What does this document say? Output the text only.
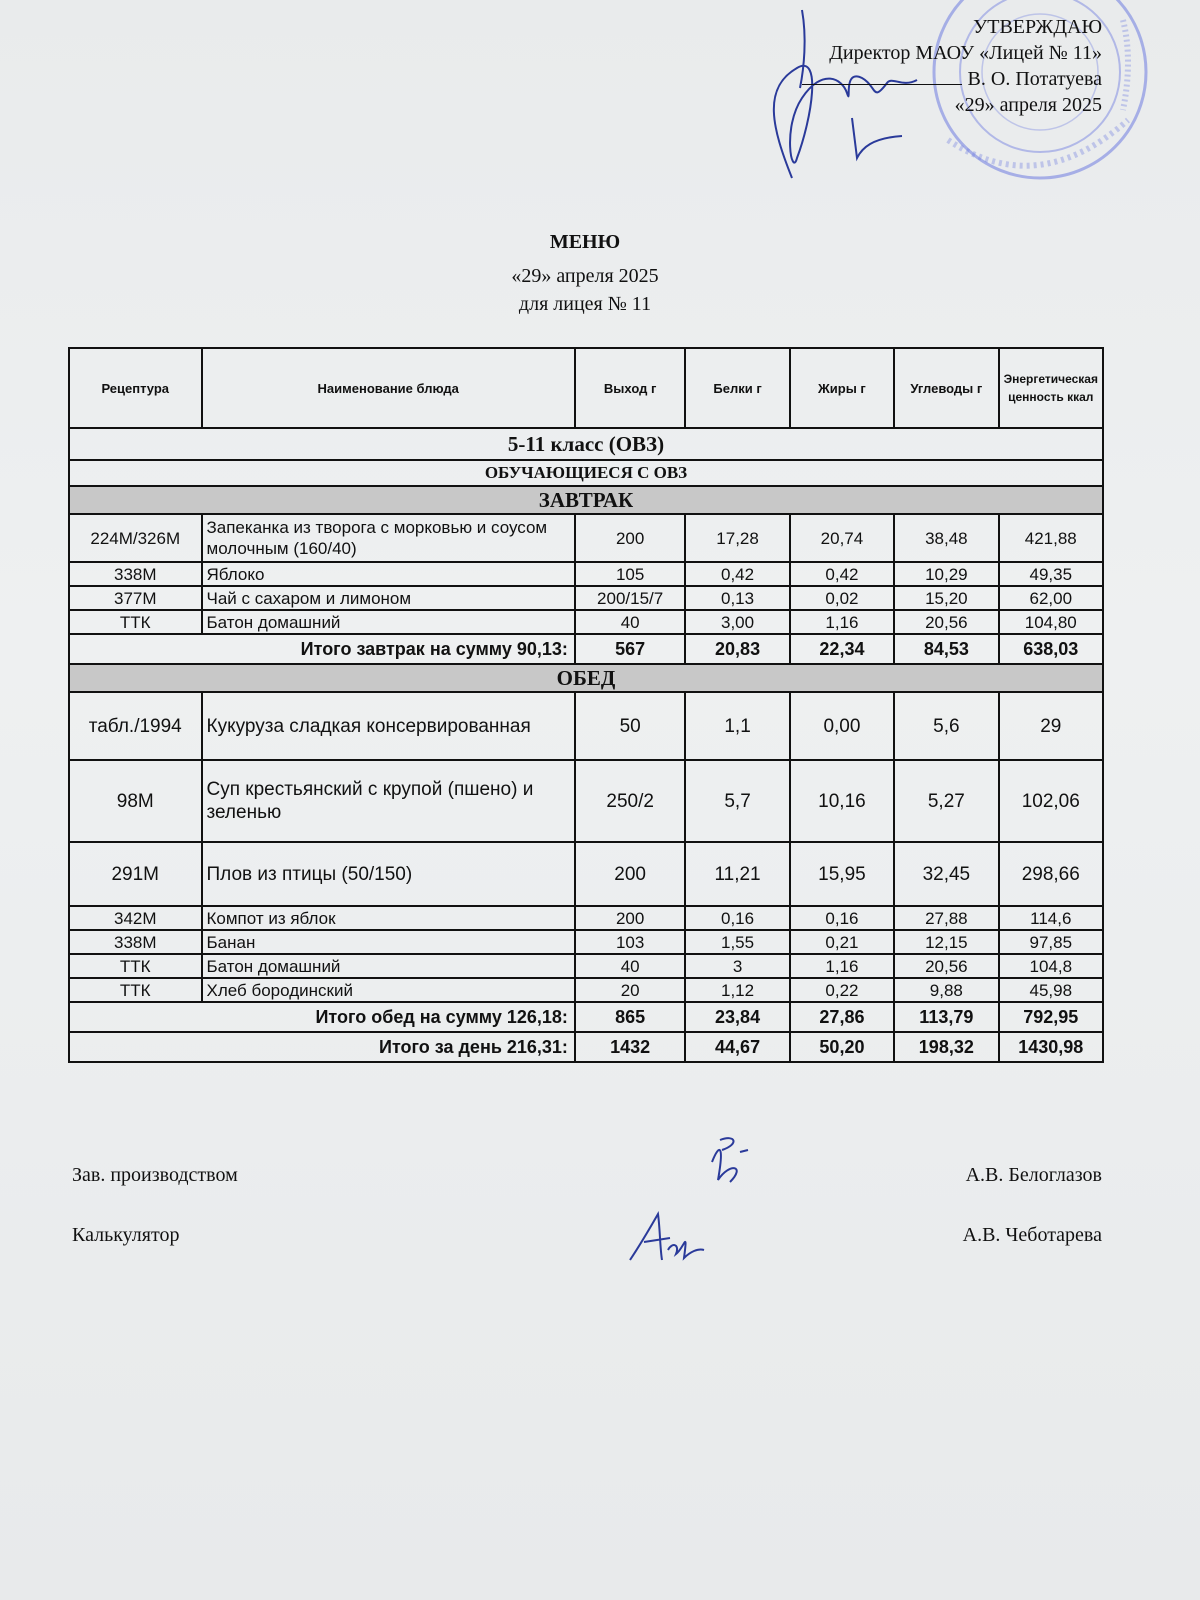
УТВЕРЖДАЮ
Директор МАОУ «Лицей № 11»
В. О. Потатуева
«29» апреля 2025
МЕНЮ
«29» апреля 2025
для лицея № 11
Рецептура	Наименование блюда	Выход г	Белки г	Жиры г	Углеводы г	Энергетическая ценность ккал
5-11 класс (ОВЗ)						
ОБУЧАЮЩИЕСЯ С ОВЗ						
ЗАВТРАК						
224М/326М	Запеканка из творога с морковью и соусом молочным (160/40)	200	17,28	20,74	38,48	421,88
338М	Яблоко	105	0,42	0,42	10,29	49,35
377М	Чай с сахаром и лимоном	200/15/7	0,13	0,02	15,20	62,00
ТТК	Батон домашний	40	3,00	1,16	20,56	104,80
Итого завтрак на сумму 90,13:		567	20,83	22,34	84,53	638,03
ОБЕД						
табл./1994	Кукуруза сладкая консервированная	50	1,1	0,00	5,6	29
98М	Суп крестьянский с крупой (пшено) и зеленью	250/2	5,7	10,16	5,27	102,06
291М	Плов из птицы (50/150)	200	11,21	15,95	32,45	298,66
342М	Компот из яблок	200	0,16	0,16	27,88	114,6
338М	Банан	103	1,55	0,21	12,15	97,85
ТТК	Батон домашний	40	3	1,16	20,56	104,8
ТТК	Хлеб бородинский	20	1,12	0,22	9,88	45,98
Итого обед на сумму 126,18:		865	23,84	27,86	113,79	792,95
Итого за день 216,31:		1432	44,67	50,20	198,32	1430,98
Зав. производством	А.В. Белоглазов
Калькулятор	А.В. Чеботарева
